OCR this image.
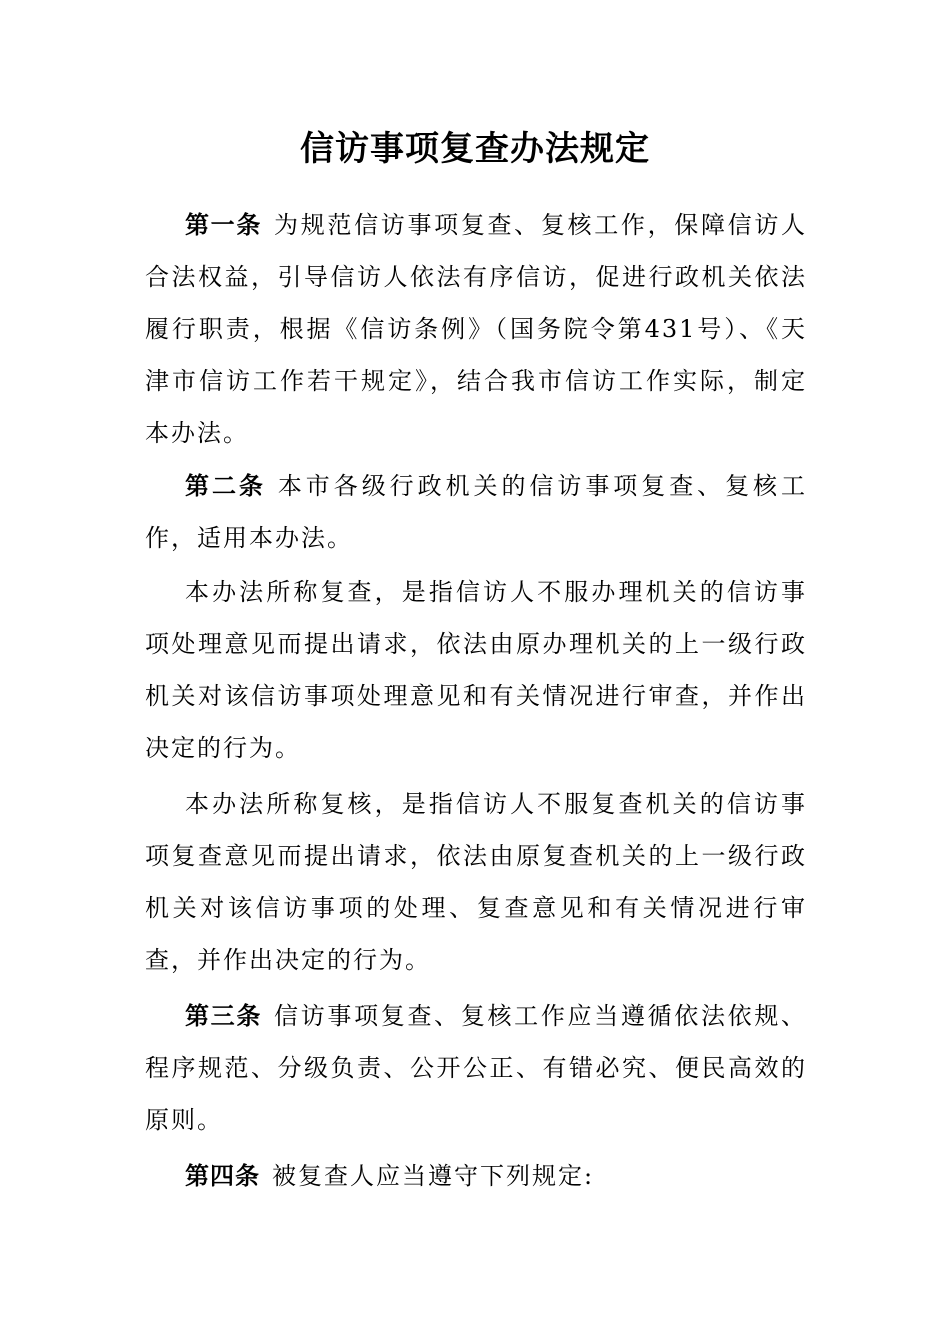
信访事项复查办法规定

第一条 为规范信访事项复查、复核工作，保障信访人合法权益，引导信访人依法有序信访，促进行政机关依法履行职责，根据《信访条例》（国务院令第431号）、《天津市信访工作若干规定》，结合我市信访工作实际，制定本办法。

第二条 本市各级行政机关的信访事项复查、复核工作，适用本办法。

本办法所称复查，是指信访人不服办理机关的信访事项处理意见而提出请求，依法由原办理机关的上一级行政机关对该信访事项处理意见和有关情况进行审查，并作出决定的行为。

本办法所称复核，是指信访人不服复查机关的信访事项复查意见而提出请求，依法由原复查机关的上一级行政机关对该信访事项的处理、复查意见和有关情况进行审查，并作出决定的行为。

第三条 信访事项复查、复核工作应当遵循依法依规、程序规范、分级负责、公开公正、有错必究、便民高效的原则。

第四条 被复查人应当遵守下列规定:
